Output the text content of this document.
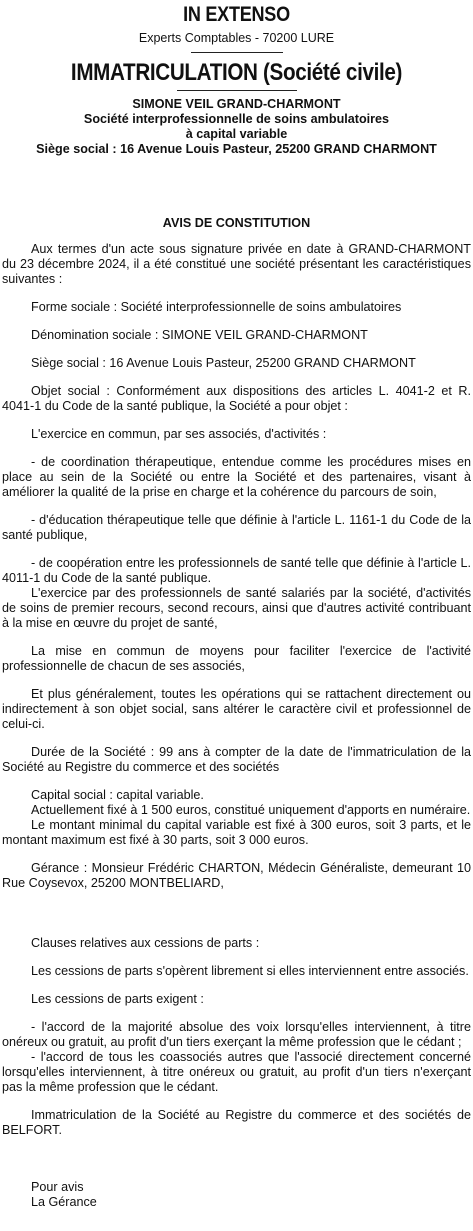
IN EXTENSO
Experts Comptables - 70200 LURE
IMMATRICULATION (Société civile)
SIMONE VEIL GRAND-CHARMONT
Société interprofessionnelle de soins ambulatoires
à capital variable
Siège social : 16 Avenue Louis Pasteur, 25200 GRAND CHARMONT
AVIS DE CONSTITUTION

Aux termes d'un acte sous signature privée en date à GRAND-CHARMONT du 23 décembre 2024, il a été constitué une société présentant les caractéristiques suivantes :

Forme sociale : Société interprofessionnelle de soins ambulatoires

Dénomination sociale : SIMONE VEIL GRAND-CHARMONT

Siège social : 16 Avenue Louis Pasteur, 25200 GRAND CHARMONT

Objet social : Conformément aux dispositions des articles L. 4041-2 et R. 4041-1 du Code de la santé publique, la Société a pour objet :

L'exercice en commun, par ses associés, d'activités :

- de coordination thérapeutique, entendue comme les procédures mises en place au sein de la Société ou entre la Société et des partenaires, visant à améliorer la qualité de la prise en charge et la cohérence du parcours de soin,

- d'éducation thérapeutique telle que définie à l'article L. 1161-1 du Code de la santé publique,

- de coopération entre les professionnels de santé telle que définie à l'article L. 4011-1 du Code de la santé publique.

L'exercice par des professionnels de santé salariés par la société, d'activités de soins de premier recours, second recours, ainsi que d'autres activité contribuant à la mise en œuvre du projet de santé,

La mise en commun de moyens pour faciliter l'exercice de l'activité professionnelle de chacun de ses associés,

Et plus généralement, toutes les opérations qui se rattachent directement ou indirectement à son objet social, sans altérer le caractère civil et professionnel de celui-ci.

Durée de la Société : 99 ans à compter de la date de l'immatriculation de la Société au Registre du commerce et des sociétés

Capital social : capital variable.

Actuellement fixé à 1 500 euros, constitué uniquement d'apports en numéraire.

Le montant minimal du capital variable est fixé à 300 euros, soit 3 parts, et le montant maximum est fixé à 30 parts, soit 3 000 euros.

Gérance : Monsieur Frédéric CHARTON, Médecin Généraliste, demeurant 10 Rue Coysevox, 25200 MONTBELIARD,

Clauses relatives aux cessions de parts :

Les cessions de parts s'opèrent librement si elles interviennent entre associés.

Les cessions de parts exigent :

- l'accord de la majorité absolue des voix lorsqu'elles interviennent, à titre onéreux ou gratuit, au profit d'un tiers exerçant la même profession que le cédant ;

- l'accord de tous les coassociés autres que l'associé directement concerné lorsqu'elles interviennent, à titre onéreux ou gratuit, au profit d'un tiers n'exerçant pas la même profession que le cédant.

Immatriculation de la Société au Registre du commerce et des sociétés de BELFORT.

Pour avis

La Gérance
